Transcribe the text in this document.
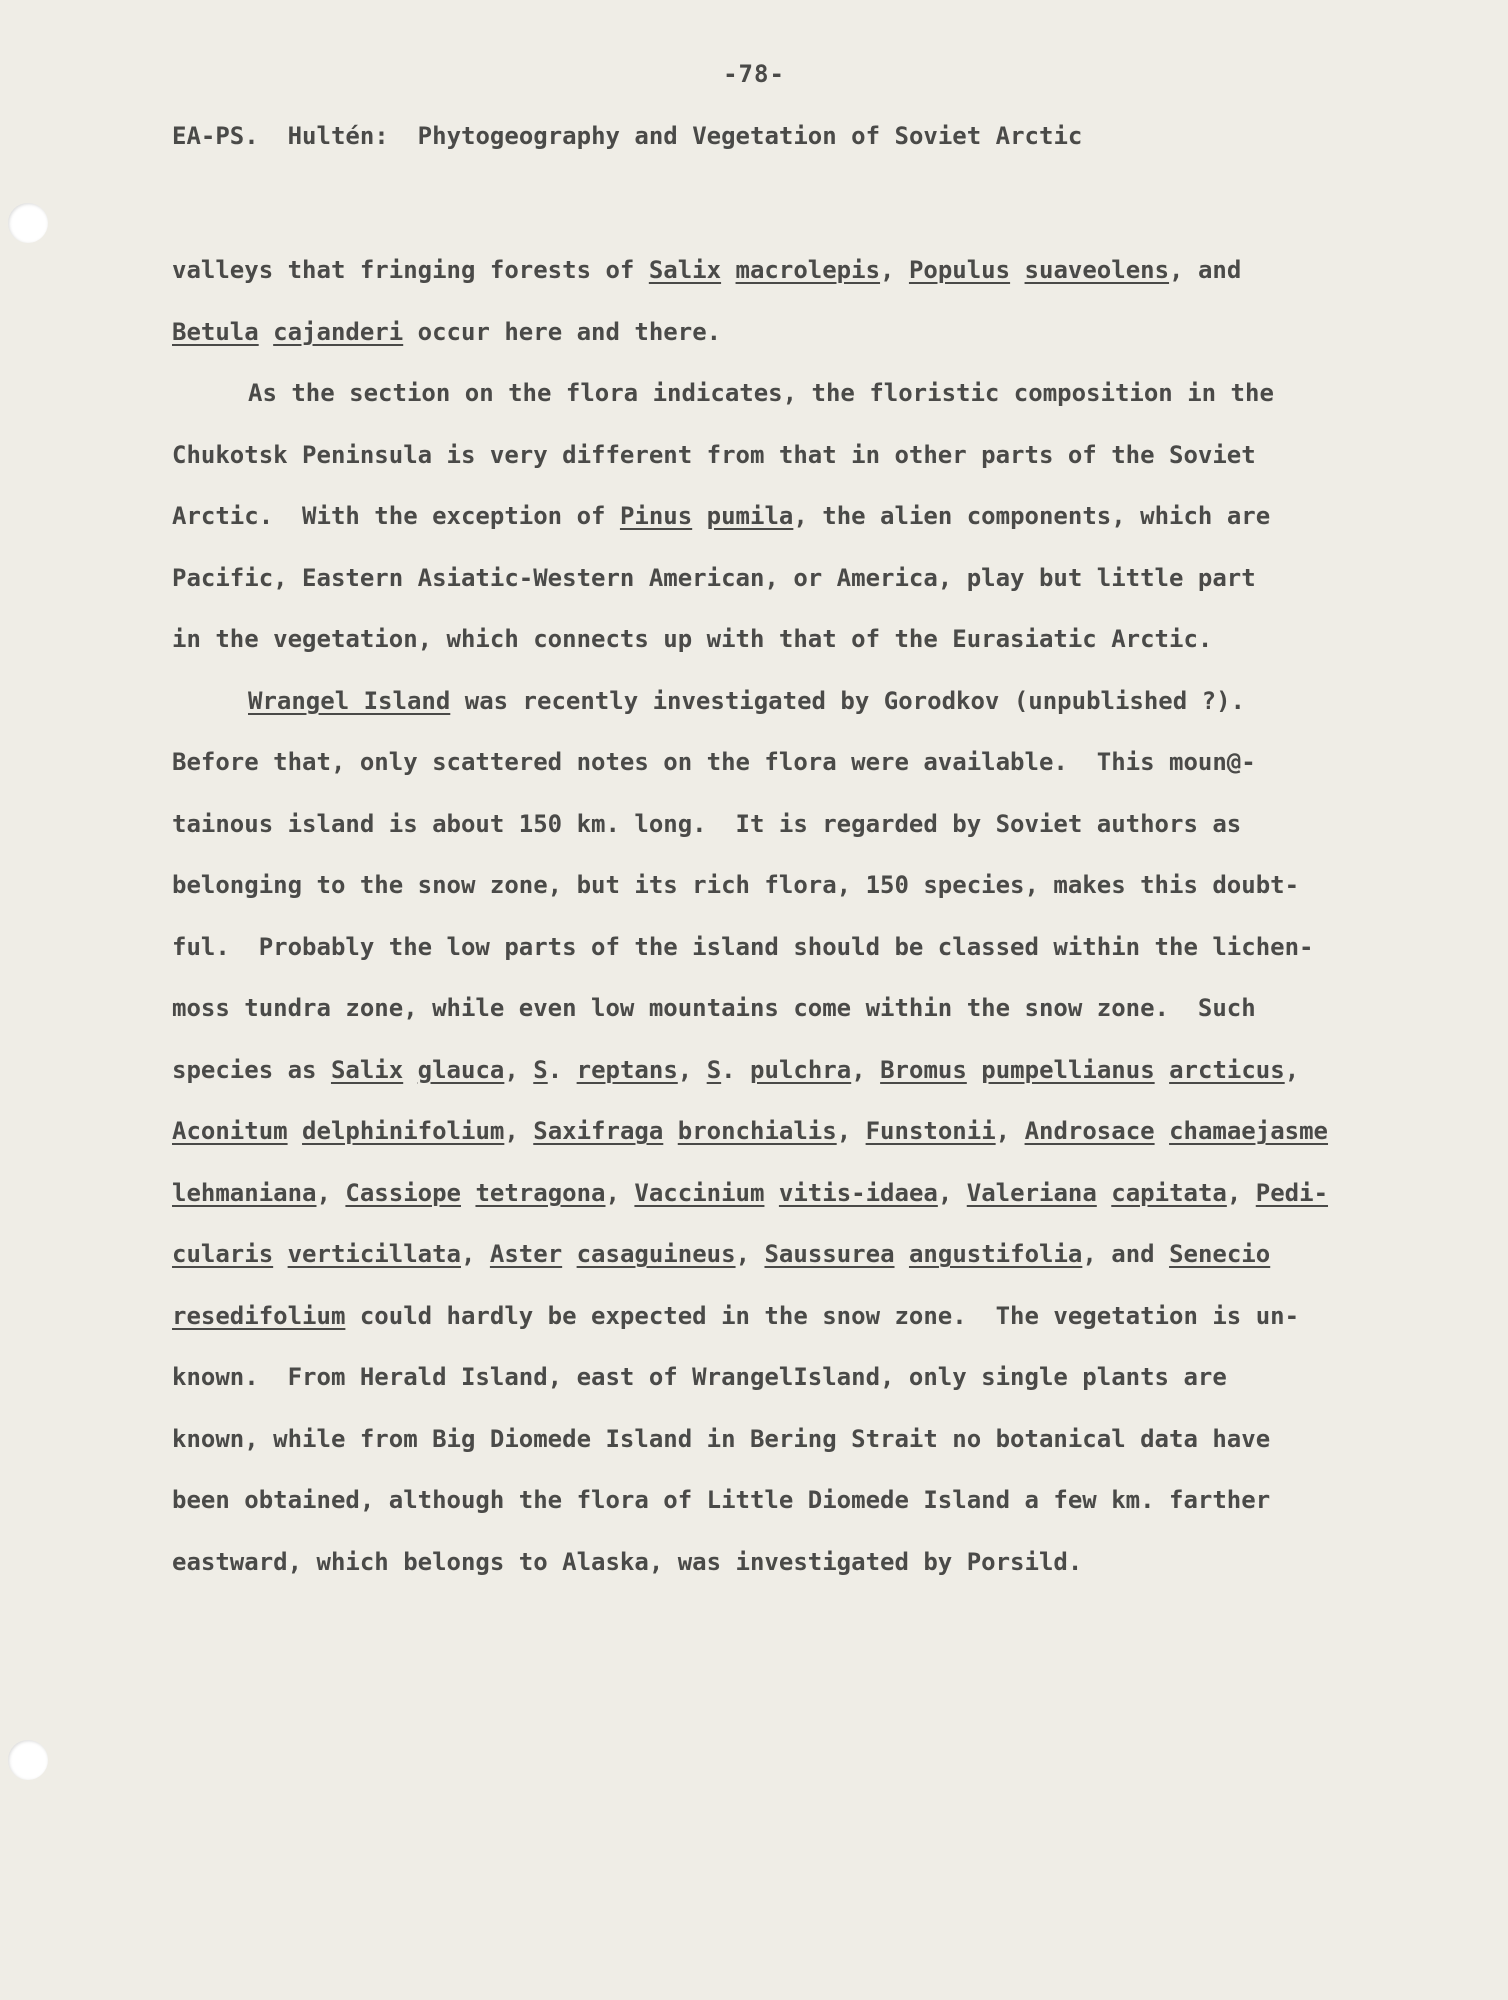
-78-
EA-PS. Hultén: Phytogeography and Vegetation of Soviet Arctic
valleys that fringing forests of Salix macrolepis, Populus suaveolens, and
Betula cajanderi occur here and there.
As the section on the flora indicates, the floristic composition in the
Chukotsk Peninsula is very different from that in other parts of the Soviet
Arctic.  With the exception of Pinus pumila, the alien components, which are
Pacific, Eastern Asiatic-Western American, or America, play but little part
in the vegetation, which connects up with that of the Eurasiatic Arctic.
Wrangel Island was recently investigated by Gorodkov (unpublished ?).
Before that, only scattered notes on the flora were available.  This moun@-
tainous island is about 150 km. long.  It is regarded by Soviet authors as
belonging to the snow zone, but its rich flora, 150 species, makes this doubt-
ful.  Probably the low parts of the island should be classed within the lichen-
moss tundra zone, while even low mountains come within the snow zone.  Such
species as Salix glauca, S. reptans, S. pulchra, Bromus pumpellianus arcticus,
Aconitum delphinifolium, Saxifraga bronchialis, Funstonii, Androsace chamaejasme
lehmaniana, Cassiope tetragona, Vaccinium vitis-idaea, Valeriana capitata, Pedi-
cularis verticillata, Aster casaguineus, Saussurea angustifolia, and Senecio
resedifolium could hardly be expected in the snow zone.  The vegetation is un-
known.  From Herald Island, east of WrangelIsland, only single plants are
known, while from Big Diomede Island in Bering Strait no botanical data have
been obtained, although the flora of Little Diomede Island a few km. farther
eastward, which belongs to Alaska, was investigated by Porsild.
